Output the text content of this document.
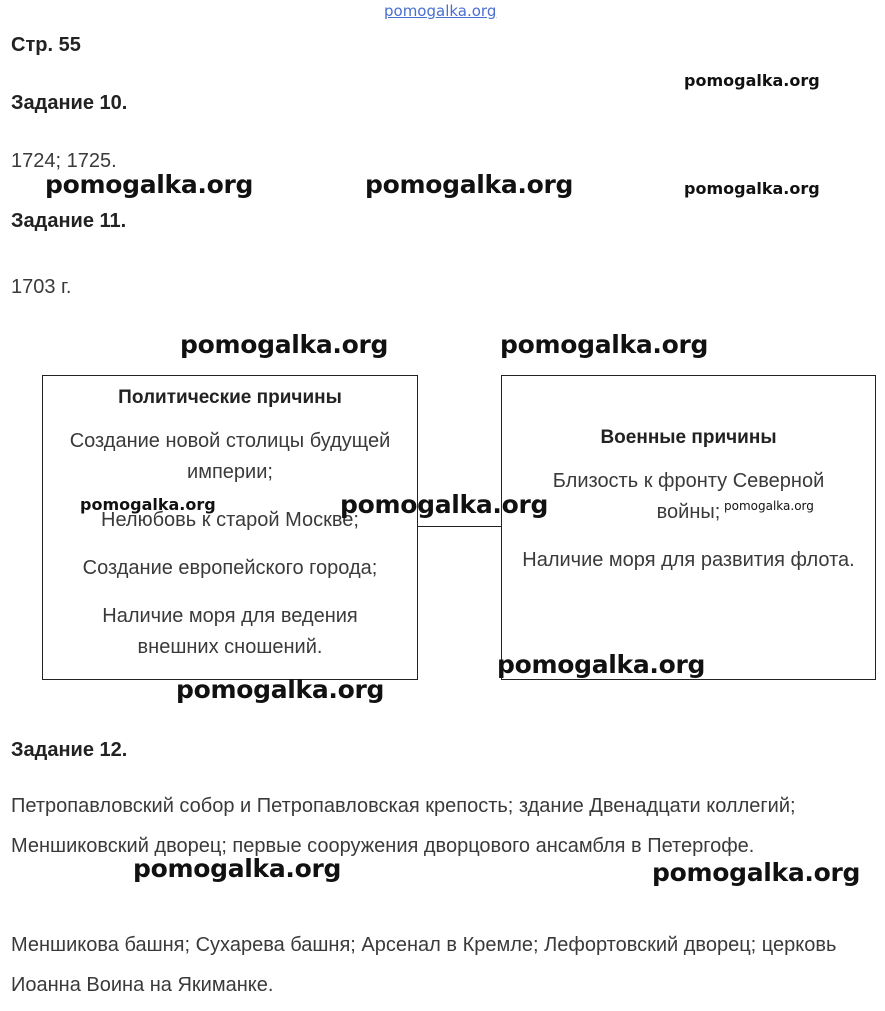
pomogalka.org
Стр. 55
Задание 10.
1724; 1725.
Задание 11.
1703 г.
Политические причины
Создание новой столицы будущей империи;
Нелюбовь к старой Москве;
Создание европейского города;
Наличие моря для ведения внешних сношений.
Военные причины
Близость к фронту Северной войны;
Наличие моря для развития флота.
Задание 12.
Петропавловский собор и Петропавловская крепость; здание Двенадцати коллегий; Меншиковский дворец; первые сооружения дворцового ансамбля в Петергофе.
Меншикова башня; Сухарева башня; Арсенал в Кремле; Лефортовский дворец; церковь Иоанна Воина на Якиманке.
pomogalka.org
pomogalka.org	pomogalka.org	pomogalka.org
pomogalka.org	pomogalka.org
pomogalka.org	pomogalka.org	pomogalka.org
pomogalka.org
pomogalka.org
pomogalka.org	pomogalka.org
